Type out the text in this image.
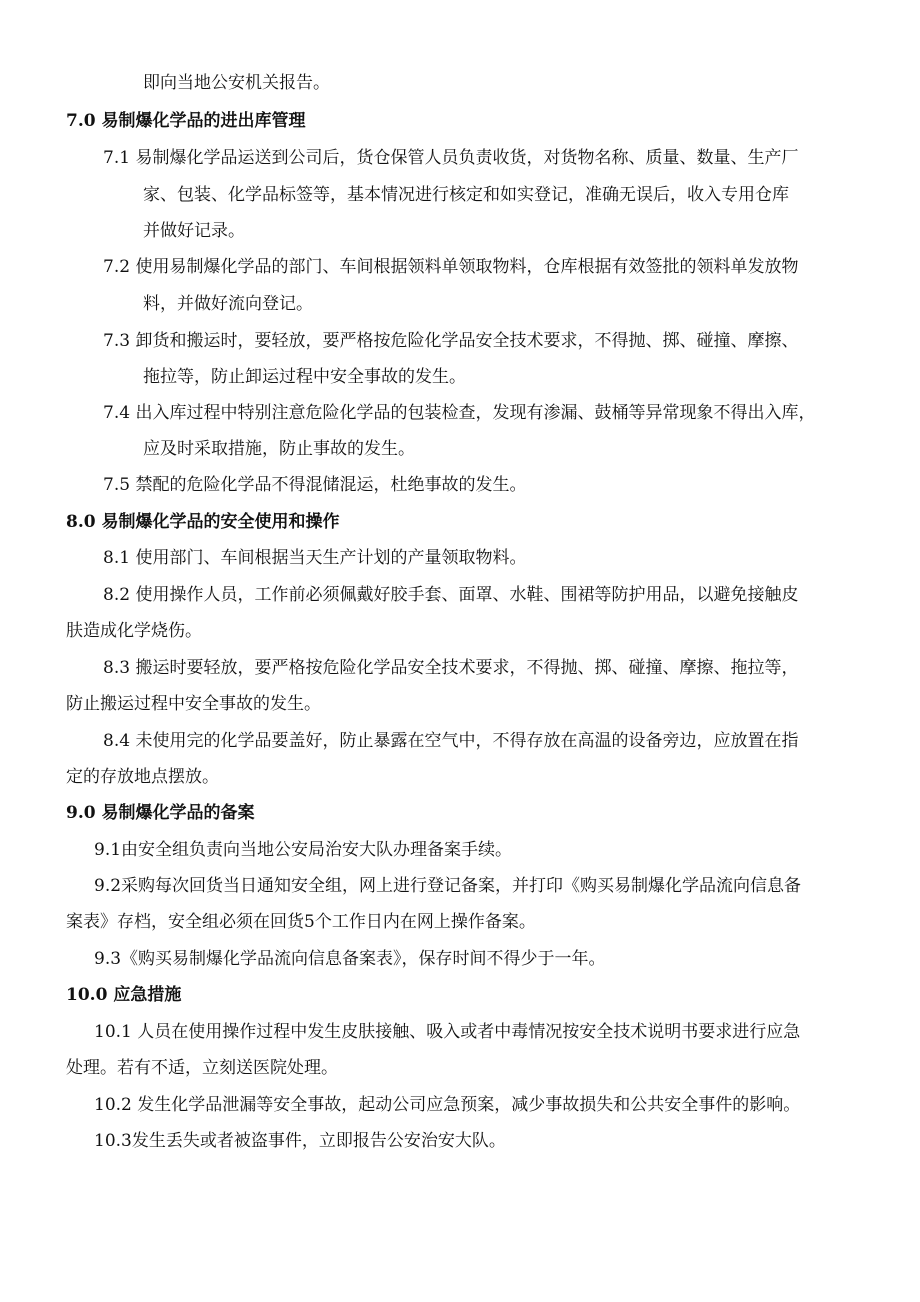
即向当地公安机关报告。
7.0 易制爆化学品的进出库管理
7.1 易制爆化学品运送到公司后，货仓保管人员负责收货，对货物名称、质量、数量、生产厂
家、包装、化学品标签等，基本情况进行核定和如实登记，准确无误后，收入专用仓库
并做好记录。
7.2 使用易制爆化学品的部门、车间根据领料单领取物料，仓库根据有效签批的领料单发放物
料，并做好流向登记。
7.3 卸货和搬运时，要轻放，要严格按危险化学品安全技术要求，不得抛、掷、碰撞、摩擦、
拖拉等，防止卸运过程中安全事故的发生。
7.4 出入库过程中特别注意危险化学品的包装检查，发现有渗漏、鼓桶等异常现象不得出入库，
应及时采取措施，防止事故的发生。
7.5 禁配的危险化学品不得混储混运，杜绝事故的发生。
8.0 易制爆化学品的安全使用和操作
8.1 使用部门、车间根据当天生产计划的产量领取物料。
8.2 使用操作人员，工作前必须佩戴好胶手套、面罩、水鞋、围裙等防护用品，以避免接触皮
肤造成化学烧伤。
8.3 搬运时要轻放，要严格按危险化学品安全技术要求，不得抛、掷、碰撞、摩擦、拖拉等，
防止搬运过程中安全事故的发生。
8.4 未使用完的化学品要盖好，防止暴露在空气中，不得存放在高温的设备旁边，应放置在指
定的存放地点摆放。
9.0 易制爆化学品的备案
9.1由安全组负责向当地公安局治安大队办理备案手续。
9.2采购每次回货当日通知安全组，网上进行登记备案，并打印《购买易制爆化学品流向信息备
案表》存档，安全组必须在回货5个工作日内在网上操作备案。
9.3《购买易制爆化学品流向信息备案表》，保存时间不得少于一年。
10.0 应急措施
10.1 人员在使用操作过程中发生皮肤接触、吸入或者中毒情况按安全技术说明书要求进行应急
处理。若有不适，立刻送医院处理。
10.2 发生化学品泄漏等安全事故，起动公司应急预案，减少事故损失和公共安全事件的影响。
10.3发生丢失或者被盗事件，立即报告公安治安大队。
